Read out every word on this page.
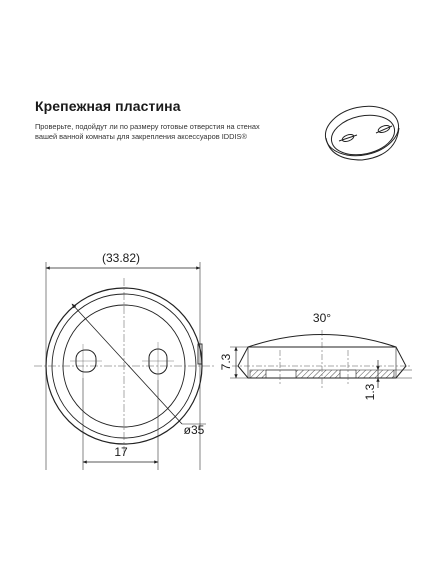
Крепежная пластина
Проверьте, подойдут ли по размеру готовые отверстия на стенах
вашей ванной комнаты для закрепления аксессуаров IDDIS®
(33.82)
ø35
17
30°
7.3
1.3
